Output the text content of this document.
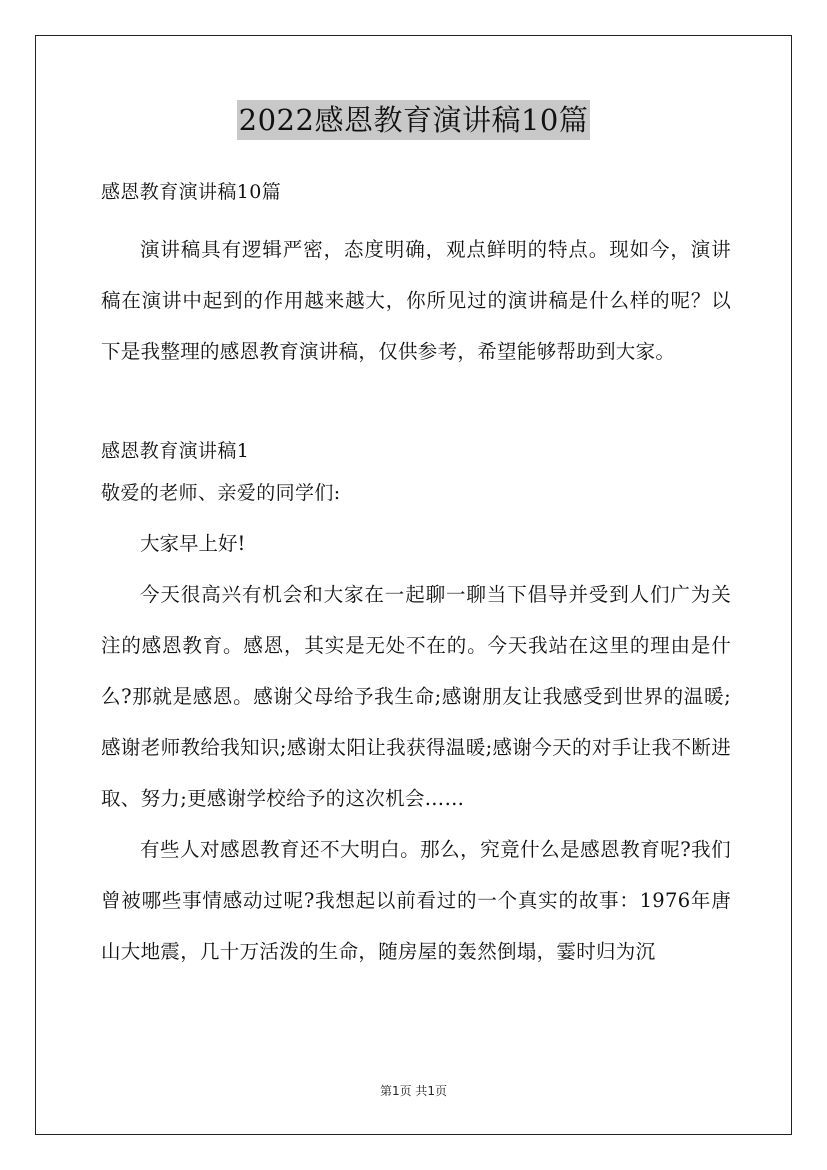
2022感恩教育演讲稿10篇
感恩教育演讲稿10篇

演讲稿具有逻辑严密，态度明确，观点鲜明的特点。现如今，演讲稿在演讲中起到的作用越来越大，你所见过的演讲稿是什么样的呢？以下是我整理的感恩教育演讲稿，仅供参考，希望能够帮助到大家。

感恩教育演讲稿1
敬爱的老师、亲爱的同学们:

大家早上好!

今天很高兴有机会和大家在一起聊一聊当下倡导并受到人们广为关注的感恩教育。感恩，其实是无处不在的。今天我站在这里的理由是什么?那就是感恩。感谢父母给予我生命;感谢朋友让我感受到世界的温暖;感谢老师教给我知识;感谢太阳让我获得温暖;感谢今天的对手让我不断进取、努力;更感谢学校给予的这次机会……

有些人对感恩教育还不大明白。那么，究竟什么是感恩教育呢?我们曾被哪些事情感动过呢?我想起以前看过的一个真实的故事：1976年唐山大地震，几十万活泼的生命，随房屋的轰然倒塌，霎时归为沉

第1页 共1页
